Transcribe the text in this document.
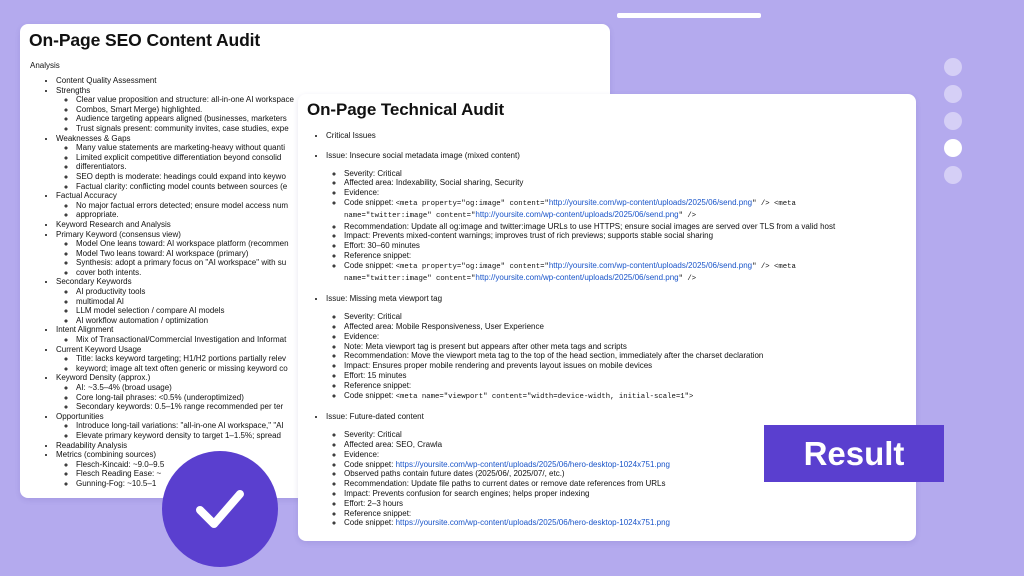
On-Page SEO Content Audit
Analysis
• Content Quality Assessment
• Strengths
◦ Clear value proposition and structure: all-in-one AI workspace
◦ Combos, Smart Merge) highlighted.
◦ Audience targeting appears aligned (businesses, marketers
◦ Trust signals present: community invites, case studies, expe
• Weaknesses & Gaps
◦ Many value statements are marketing-heavy without quanti
◦ Limited explicit competitive differentiation beyond consolid
◦ differentiators.
◦ SEO depth is moderate: headings could expand into keywo
◦ Factual clarity: conflicting model counts between sources (e
• Factual Accuracy
◦ No major factual errors detected; ensure model access num
◦ appropriate.
• Keyword Research and Analysis
• Primary Keyword (consensus view)
◦ Model One leans toward: AI workspace platform (recommen
◦ Model Two leans toward: AI workspace (primary)
◦ Synthesis: adopt a primary focus on "AI workspace" with su
◦ cover both intents.
• Secondary Keywords
◦ AI productivity tools
◦ multimodal AI
◦ LLM model selection / compare AI models
◦ AI workflow automation / optimization
• Intent Alignment
◦ Mix of Transactional/Commercial Investigation and Informat
• Current Keyword Usage
◦ Title: lacks keyword targeting; H1/H2 portions partially relev
◦ keyword; image alt text often generic or missing keyword co
• Keyword Density (approx.)
◦ AI: ~3.5–4% (broad usage)
◦ Core long-tail phrases: <0.5% (underoptimized)
◦ Secondary keywords: 0.5–1% range recommended per ter
• Opportunities
◦ Introduce long-tail variations: "all-in-one AI workspace," "AI
◦ Elevate primary keyword density to target 1–1.5%; spread
• Readability Analysis
• Metrics (combining sources)
◦ Flesch-Kincaid: ~9.0–9.5
◦ Flesch Reading Ease: ~
◦ Gunning-Fog: ~10.5–1
On-Page Technical Audit
• Critical Issues
• Issue: Insecure social metadata image (mixed content)
◦ Severity: Critical
◦ Affected area: Indexability, Social sharing, Security
◦ Evidence:
◦ Code snippet: <meta property="og:image" content="http://yoursite.com/wp-content/uploads/2025/06/send.png" /> <meta
name="twitter:image" content="http://yoursite.com/wp-content/uploads/2025/06/send.png" />
◦ Recommendation: Update all og:image and twitter:image URLs to use HTTPS; ensure social images are served over TLS from a valid host
◦ Impact: Prevents mixed-content warnings; improves trust of rich previews; supports stable social sharing
◦ Effort: 30–60 minutes
◦ Reference snippet:
◦ Code snippet: <meta property="og:image" content="http://yoursite.com/wp-content/uploads/2025/06/send.png" /> <meta
name="twitter:image" content="http://yoursite.com/wp-content/uploads/2025/06/send.png" />
• Issue: Missing meta viewport tag
◦ Severity: Critical
◦ Affected area: Mobile Responsiveness, User Experience
◦ Evidence:
◦ Note: Meta viewport tag is present but appears after other meta tags and scripts
◦ Recommendation: Move the viewport meta tag to the top of the head section, immediately after the charset declaration
◦ Impact: Ensures proper mobile rendering and prevents layout issues on mobile devices
◦ Effort: 15 minutes
◦ Reference snippet:
◦ Code snippet: <meta name="viewport" content="width=device-width, initial-scale=1">
• Issue: Future-dated content
◦ Severity: Critical
◦ Affected area: SEO, Crawla
◦ Evidence:
◦ Code snippet: https://yoursite.com/wp-content/uploads/2025/06/hero-desktop-1024x751.png
◦ Observed paths contain future dates (2025/06/, 2025/07/, etc.)
◦ Recommendation: Update file paths to current dates or remove date references from URLs
◦ Impact: Prevents confusion for search engines; helps proper indexing
◦ Effort: 2–3 hours
◦ Reference snippet:
◦ Code snippet: https://yoursite.com/wp-content/uploads/2025/06/hero-desktop-1024x751.png
Result
